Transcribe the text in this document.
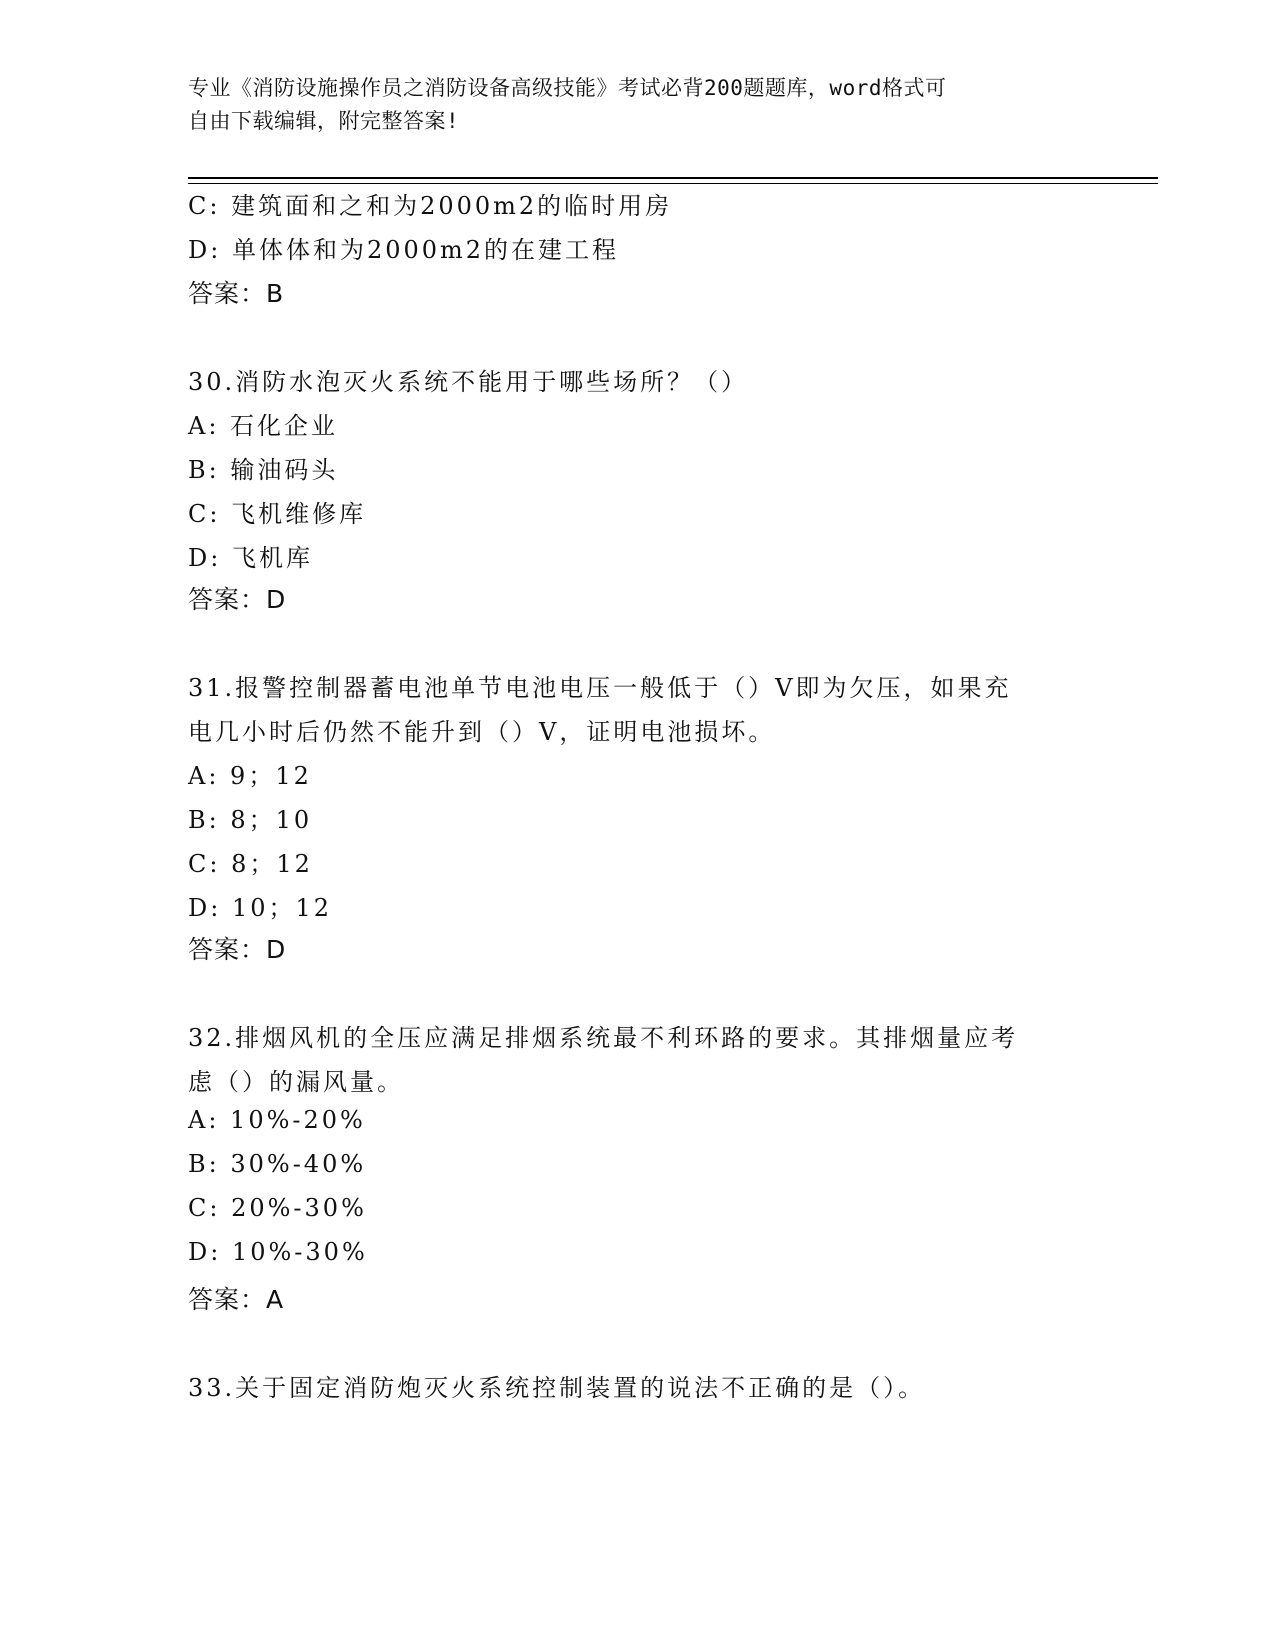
专业《消防设施操作员之消防设备高级技能》考试必背200题题库，word格式可
自由下载编辑，附完整答案!
C: 建筑面和之和为2000m2的临时用房
D: 单体体和为2000m2的在建工程
答案：B
30.消防水泡灭火系统不能用于哪些场所？（）
A: 石化企业
B: 输油码头
C: 飞机维修库
D: 飞机库
答案：D
31.报警控制器蓄电池单节电池电压一般低于（）V即为欠压，如果充
电几小时后仍然不能升到（）V，证明电池损坏。
A: 9；12
B: 8；10
C: 8；12
D: 10；12
答案：D
32.排烟风机的全压应满足排烟系统最不利环路的要求。其排烟量应考
虑（）的漏风量。
A: 10%-20%
B: 30%-40%
C: 20%-30%
D: 10%-30%
答案：A
33.关于固定消防炮灭火系统控制装置的说法不正确的是（）。
